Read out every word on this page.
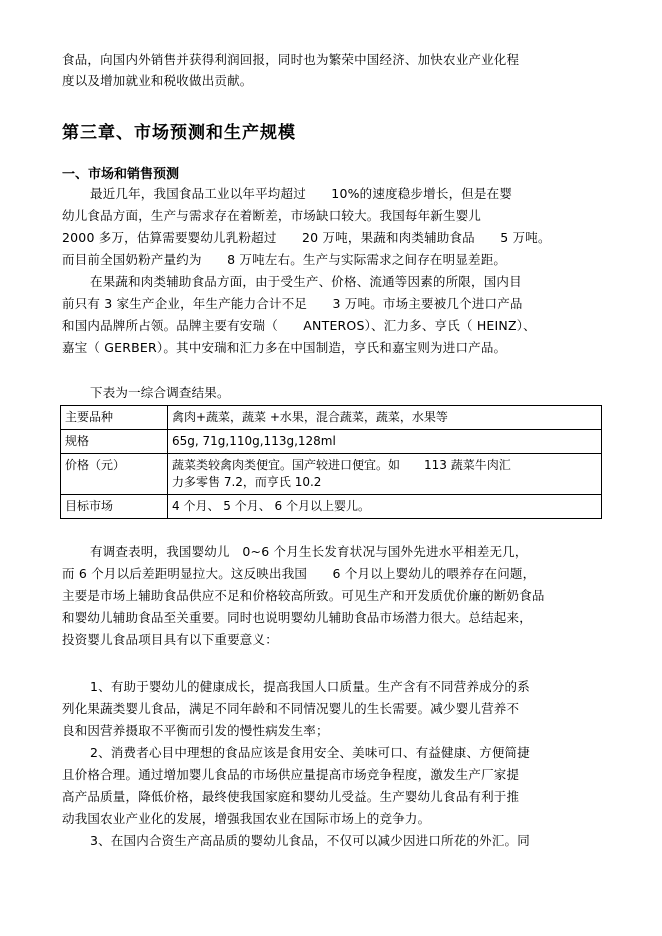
食品，向国内外销售并获得利润回报，同时也为繁荣中国经济、加快农业产业化程
度以及增加就业和税收做出贡献。
第三章、市场预测和生产规模
一、市场和销售预测
最近几年，我国食品工业以年平均超过　　10%的速度稳步增长，但是在婴
幼儿食品方面，生产与需求存在着断差，市场缺口较大。我国每年新生婴儿
2000 多万，估算需要婴幼儿乳粉超过　　20 万吨，果蔬和肉类辅助食品　　5 万吨。
而目前全国奶粉产量约为　　8 万吨左右。生产与实际需求之间存在明显差距。
在果蔬和肉类辅助食品方面，由于受生产、价格、流通等因素的所限，国内目
前只有 3 家生产企业，年生产能力合计不足　　3 万吨。市场主要被几个进口产品
和国内品牌所占领。品牌主要有安瑞（　　ANTEROS）、汇力多、亨氏（ HEINZ）、
嘉宝（ GERBER）。其中安瑞和汇力多在中国制造，亨氏和嘉宝则为进口产品。
下表为一综合调查结果。
主要品种	禽肉+蔬菜，蔬菜 +水果，混合蔬菜，蔬菜，水果等
规格	65g, 71g,110g,113g,128ml
价格（元）	蔬菜类较禽肉类便宜。国产较进口便宜。如　　113 蔬菜牛肉汇
力多零售 7.2，而亨氏 10.2

目标市场	4 个月、 5 个月、 6 个月以上婴儿。
有调查表明，我国婴幼儿　0~6 个月生长发育状况与国外先进水平相差无几，
而 6 个月以后差距明显拉大。这反映出我国　　6 个月以上婴幼儿的喂养存在问题，
主要是市场上辅助食品供应不足和价格较高所致。可见生产和开发质优价廉的断奶食品
和婴幼儿辅助食品至关重要。同时也说明婴幼儿辅助食品市场潜力很大。总结起来，
投资婴儿食品项目具有以下重要意义：
1、有助于婴幼儿的健康成长，提高我国人口质量。生产含有不同营养成分的系
列化果蔬类婴儿食品，满足不同年龄和不同情况婴儿的生长需要。减少婴儿营养不
良和因营养摄取不平衡而引发的慢性病发生率；
2、消费者心目中理想的食品应该是食用安全、美味可口、有益健康、方便简捷
且价格合理。通过增加婴儿食品的市场供应量提高市场竞争程度，激发生产厂家提
高产品质量，降低价格，最终使我国家庭和婴幼儿受益。生产婴幼儿食品有利于推
动我国农业产业化的发展，增强我国农业在国际市场上的竞争力。
3、在国内合资生产高品质的婴幼儿食品，不仅可以减少因进口所花的外汇。同
